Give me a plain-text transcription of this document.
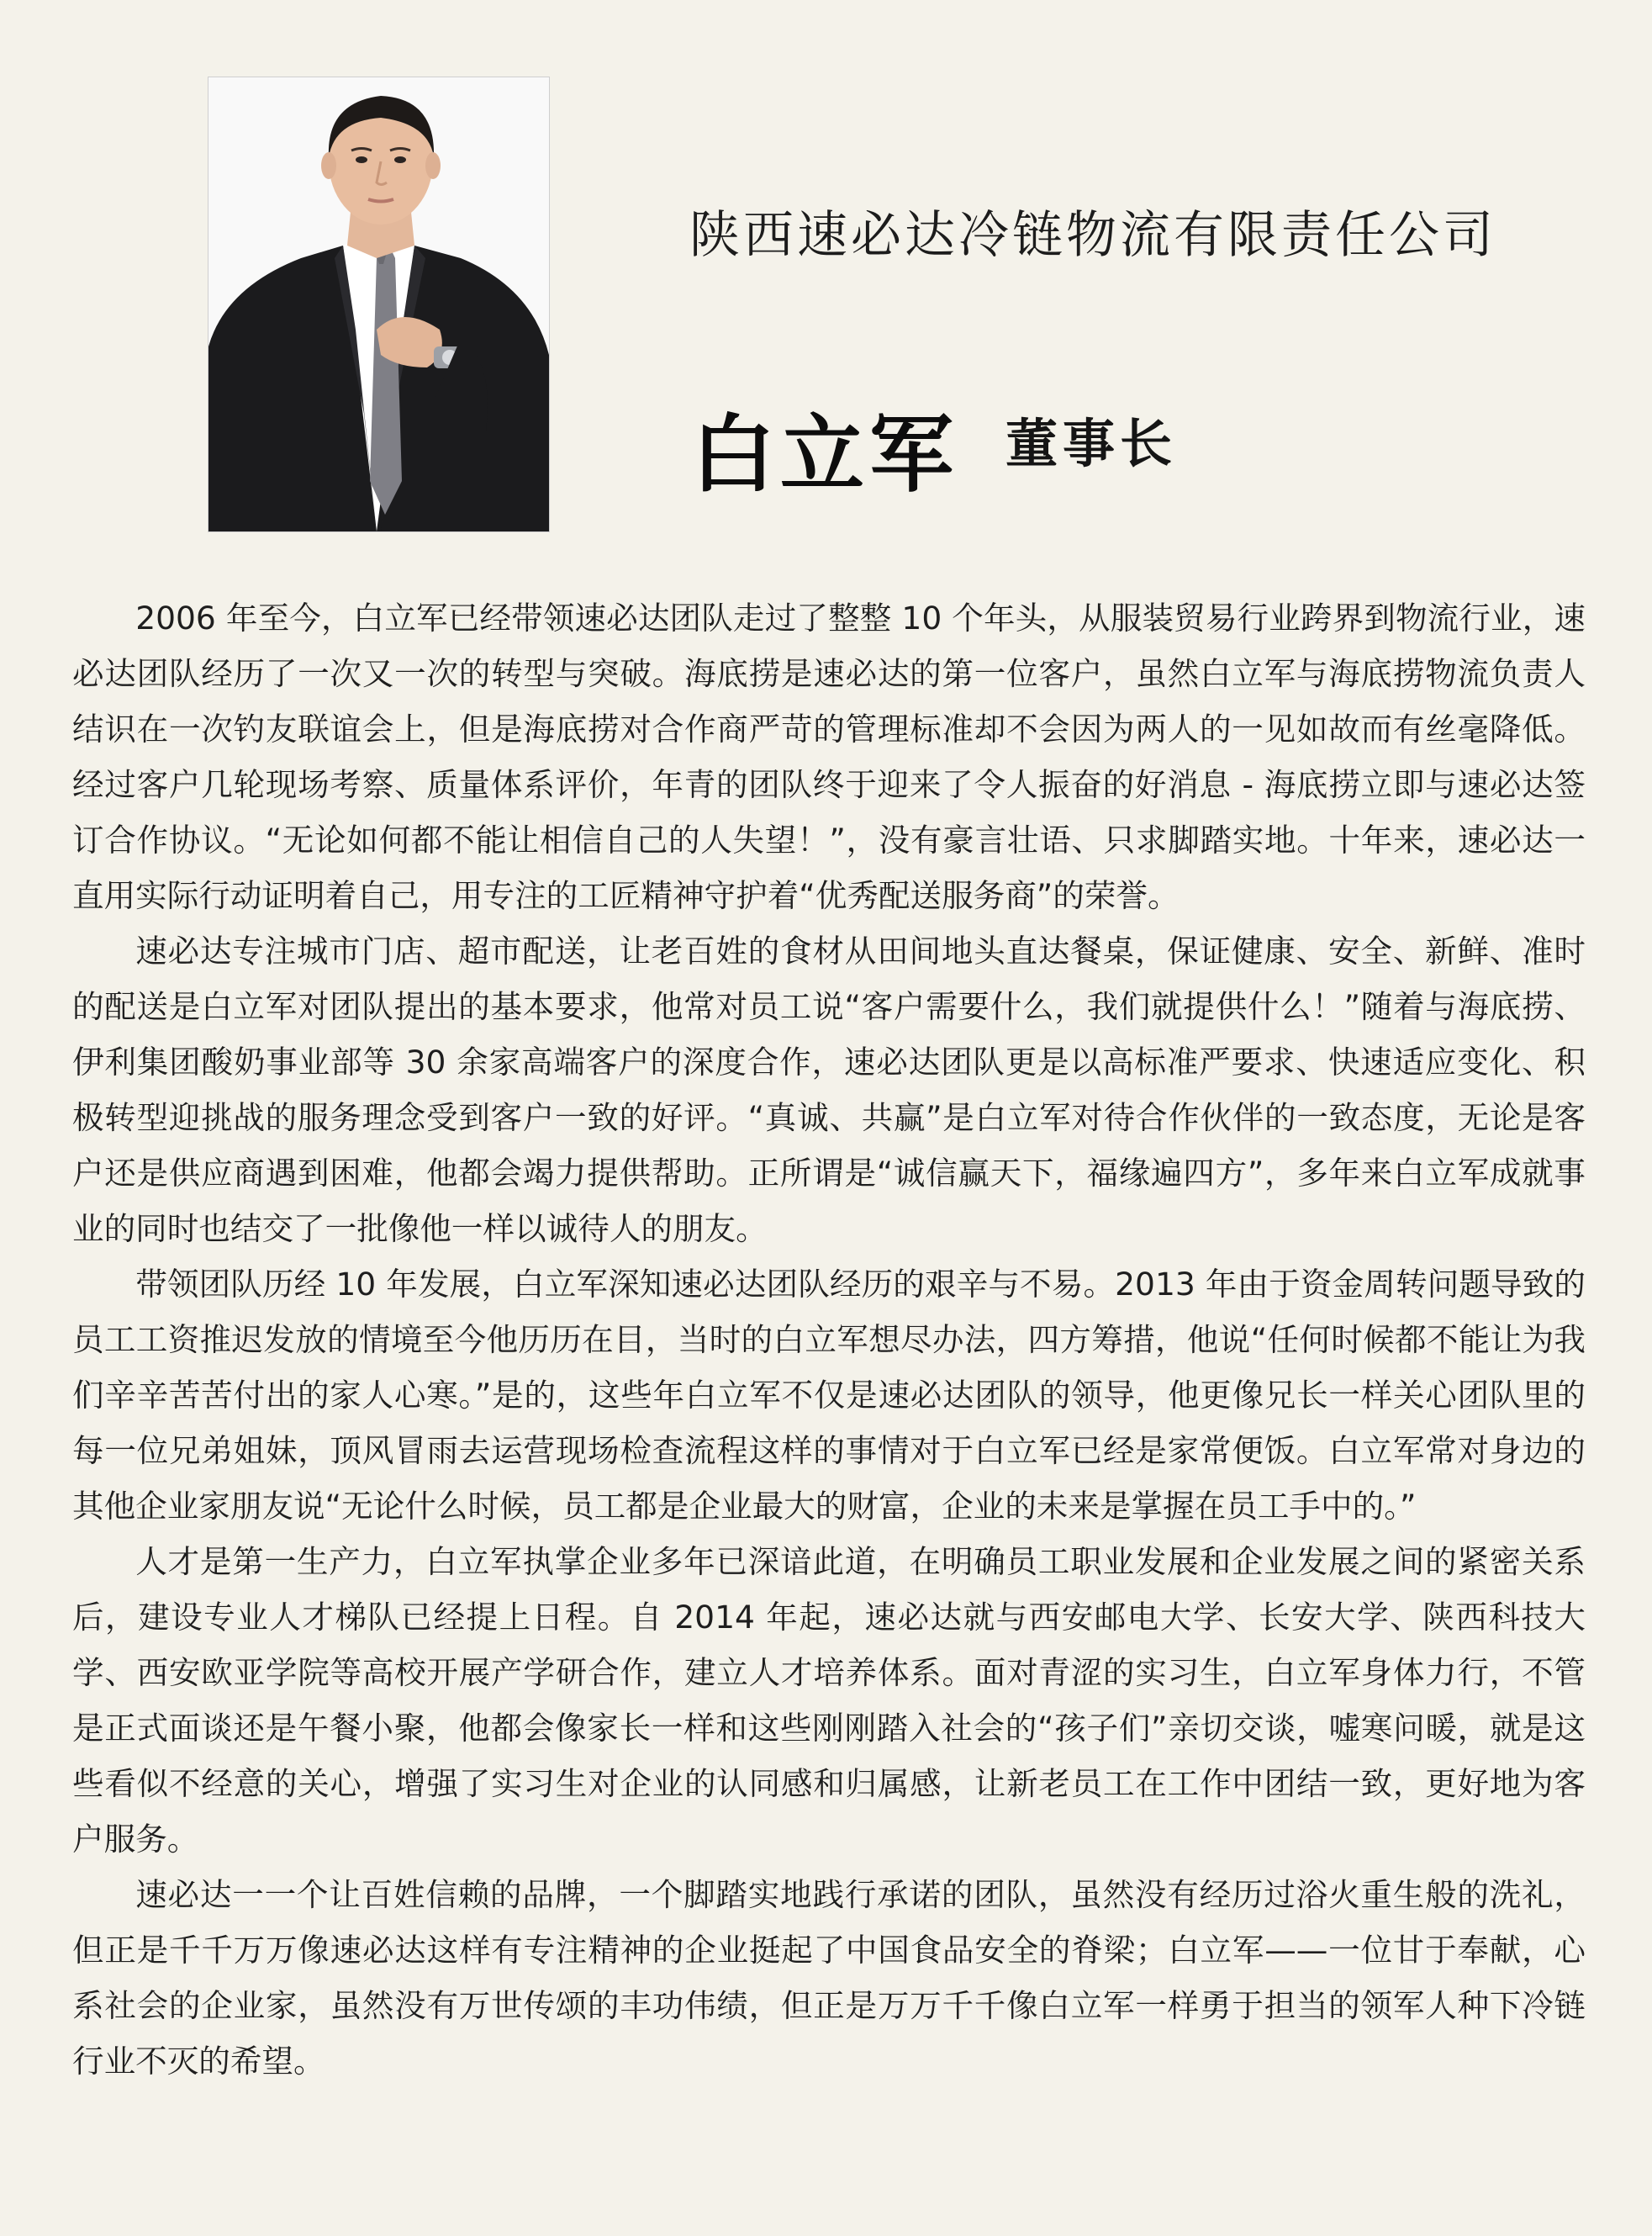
陕西速必达冷链物流有限责任公司
白立军 董事长

2006 年至今，白立军已经带领速必达团队走过了整整 10 个年头，从服装贸易行业跨界到物流行业，速必达团队经历了一次又一次的转型与突破。海底捞是速必达的第一位客户，虽然白立军与海底捞物流负责人结识在一次钓友联谊会上，但是海底捞对合作商严苛的管理标准却不会因为两人的一见如故而有丝毫降低。经过客户几轮现场考察、质量体系评价，年青的团队终于迎来了令人振奋的好消息 - 海底捞立即与速必达签订合作协议。“无论如何都不能让相信自己的人失望！”，没有豪言壮语、只求脚踏实地。十年来，速必达一直用实际行动证明着自己，用专注的工匠精神守护着“优秀配送服务商”的荣誉。

速必达专注城市门店、超市配送，让老百姓的食材从田间地头直达餐桌，保证健康、安全、新鲜、准时的配送是白立军对团队提出的基本要求，他常对员工说“客户需要什么，我们就提供什么！”随着与海底捞、伊利集团酸奶事业部等 30 余家高端客户的深度合作，速必达团队更是以高标准严要求、快速适应变化、积极转型迎挑战的服务理念受到客户一致的好评。“真诚、共赢”是白立军对待合作伙伴的一致态度，无论是客户还是供应商遇到困难，他都会竭力提供帮助。正所谓是“诚信赢天下，福缘遍四方”，多年来白立军成就事业的同时也结交了一批像他一样以诚待人的朋友。

带领团队历经 10 年发展，白立军深知速必达团队经历的艰辛与不易。2013 年由于资金周转问题导致的员工工资推迟发放的情境至今他历历在目，当时的白立军想尽办法，四方筹措，他说“任何时候都不能让为我们辛辛苦苦付出的家人心寒。”是的，这些年白立军不仅是速必达团队的领导，他更像兄长一样关心团队里的每一位兄弟姐妹，顶风冒雨去运营现场检查流程这样的事情对于白立军已经是家常便饭。白立军常对身边的其他企业家朋友说“无论什么时候，员工都是企业最大的财富，企业的未来是掌握在员工手中的。”

人才是第一生产力，白立军执掌企业多年已深谙此道，在明确员工职业发展和企业发展之间的紧密关系后，建设专业人才梯队已经提上日程。自 2014 年起，速必达就与西安邮电大学、长安大学、陕西科技大学、西安欧亚学院等高校开展产学研合作，建立人才培养体系。面对青涩的实习生，白立军身体力行，不管是正式面谈还是午餐小聚，他都会像家长一样和这些刚刚踏入社会的“孩子们”亲切交谈，嘘寒问暖，就是这些看似不经意的关心，增强了实习生对企业的认同感和归属感，让新老员工在工作中团结一致，更好地为客户服务。

速必达一一个让百姓信赖的品牌，一个脚踏实地践行承诺的团队，虽然没有经历过浴火重生般的洗礼，但正是千千万万像速必达这样有专注精神的企业挺起了中国食品安全的脊梁；白立军——一位甘于奉献，心系社会的企业家，虽然没有万世传颂的丰功伟绩，但正是万万千千像白立军一样勇于担当的领军人种下冷链行业不灭的希望。
